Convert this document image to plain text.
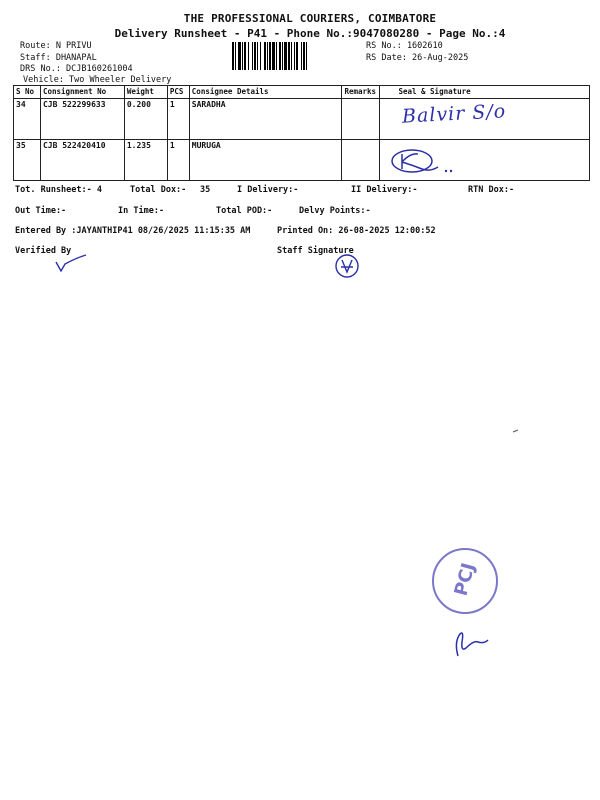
THE PROFESSIONAL COURIERS, COIMBATORE
Delivery Runsheet - P41 - Phone No.:9047080280 - Page No.:4
Route: N PRIVU
Staff: DHANAPAL
DRS No.: DCJB160261004
Vehicle: Two Wheeler Delivery
RS No.: 1602610
RS Date: 26-Aug-2025
S No	Consignment No	Weight	PCS	Consignee Details	Remarks	Seal & Signature
34	CJB 522299633	0.200	1	SARADHA		Balvir S/o

35	CJB 522420410	1.235	1	MURUGA		
Tot. Runsheet:- 4	Total Dox:- 35	I Delivery:-	II Delivery:-	RTN Dox:-
Out Time:-	In Time:-	Total POD:-	Delvy Points:-
Entered By :JAYANTHIP41 08/26/2025 11:15:35 AM	Printed On: 26-08-2025 12:00:52
Verified By	Staff Signature
PCJ
